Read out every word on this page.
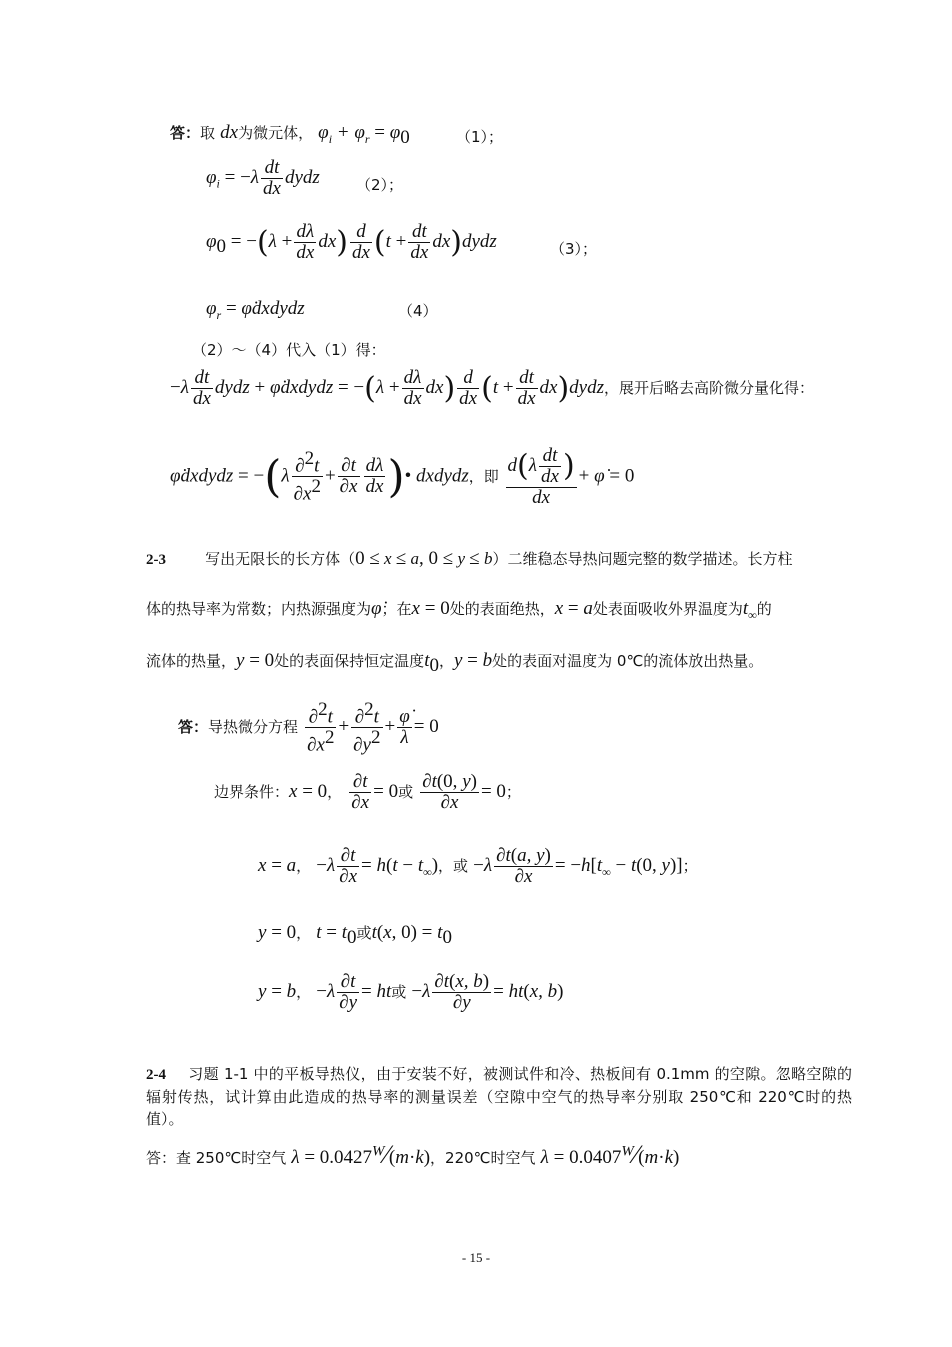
答：取 dx为微元体， $\varphi_i + \varphi_r = \varphi_0$	（1）；
$\varphi_i = -\lambda \frac{dt}{dx}$ dydz （2）；
$\varphi_0 = -(\lambda + \frac{d\lambda}{dx} dx) \frac{d}{dx} (t + \frac{dt}{dx}$ dx)dydz	（3）；
$\varphi_r$ = φ̇dxdydz	（4）
（2）～（4）代入（1）得：
$-\lambda \frac{dt}{dx}$ dydz + φ̇dxdydz = $-(\lambda + \frac{d\lambda}{dx} dx) \frac{d}{dx} (t + \frac{dt}{dx}$ dx)dydz，展开后略去高阶微分量化得：
φ̇dxdydz = $-(\lambda \frac{\partial^2t}{\partial x^2} + \frac{\partial t}{\partial x} \frac{d\lambda}{dx}$ )• dxdydz，即 $\frac{d(\lambda \frac{dt}{dx} )}{dx}$ + φ̇ = 0
2-3	写出无限长的长方体（0 ≤ x ≤ a, 0 ≤ y ≤ b）二维稳态导热问题完整的数学描述。长方柱
体的热导率为常数；内热源强度为φ̇；在x = 0处的表面绝热，x = a处表面吸收外界温度为$t_\infty$的
流体的热量，y = 0处的表面保持恒定温度$t_0$，y = b处的表面对温度为 0℃的流体放出热量。
答：导热微分方程 $\frac{\partial^2t}{\partial x^2} + \frac{\partial^2t}{\partial y^2} + \frac{\varphi̇}{\lambda} = 0$
边界条件：x = 0， $\frac{\partial t}{\partial x} = 0$或 $\frac{\partial t(0, y)}{\partial x} = 0$；
x = a， $-\lambda \frac{\partial t}{\partial x} = h(t - t_\infty)$，或 $-\lambda \frac{\partial t(a, y)}{\partial x} = -h[t_\infty - t(0$, y)]；
y = 0， $t = t_0$或t(x, $0) = t_0$
y = b， $-\lambda \frac{\partial t}{\partial y}$ = ht或 $-\lambda \frac{\partial t(x, b)}{\partial y} = ht(x$, b)
2-4 习题 1-1 中的平板导热仪，由于安装不好，被测试件和冷、热板间有 0.1mm 的空隙。忽略空隙的辐射传热，试计算由此造成的热导率的测量误差（空隙中空气的热导率分别取 250℃和 220℃时的热值）。
答：查 250℃时空气 $\lambda = 0.0427^W⁄(m\cdot k)$，220℃时空气 $\lambda = 0.0407^W⁄(m\cdot k)$
- 15 -
